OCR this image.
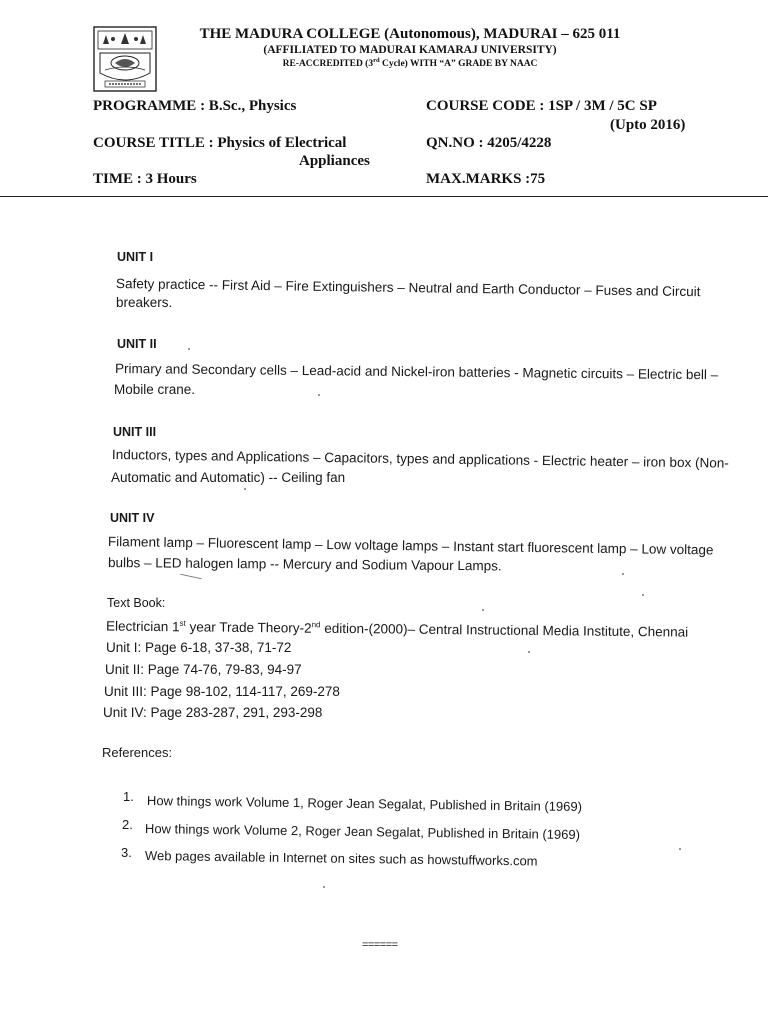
THE MADURA COLLEGE (Autonomous), MADURAI – 625 011
(AFFILIATED TO MADURAI KAMARAJ UNIVERSITY)
RE-ACCREDITED (3rd Cycle) WITH “A” GRADE BY NAAC
PROGRAMME : B.Sc., Physics	COURSE CODE : 1SP / 3M / 5C SP
(Upto 2016)
COURSE TITLE : Physics of Electrical
Appliances
QN.NO : 4205/4228
TIME : 3 Hours	MAX.MARKS :75
UNIT I
Safety practice -- First Aid – Fire Extinguishers – Neutral and Earth Conductor – Fuses and Circuit
breakers.
UNIT II
Primary and Secondary cells – Lead-acid and Nickel-iron batteries - Magnetic circuits – Electric bell –
Mobile crane.
UNIT III
Inductors, types and Applications – Capacitors, types and applications - Electric heater – iron box (Non-
Automatic and Automatic) -- Ceiling fan
UNIT IV
Filament lamp – Fluorescent lamp – Low voltage lamps – Instant start fluorescent lamp – Low voltage
bulbs – LED halogen lamp -- Mercury and Sodium Vapour Lamps.
Text Book:
Electrician 1st year Trade Theory-2nd edition-(2000)– Central Instructional Media Institute, Chennai
Unit I: Page 6-18, 37-38, 71-72
Unit II: Page 74-76, 79-83, 94-97
Unit III: Page 98-102, 114-117, 269-278
Unit IV: Page 283-287, 291, 293-298
References:
1. How things work Volume 1, Roger Jean Segalat, Published in Britain (1969)
2. How things work Volume 2, Roger Jean Segalat, Published in Britain (1969)
3. Web pages available in Internet on sites such as howstuffworks.com
======
